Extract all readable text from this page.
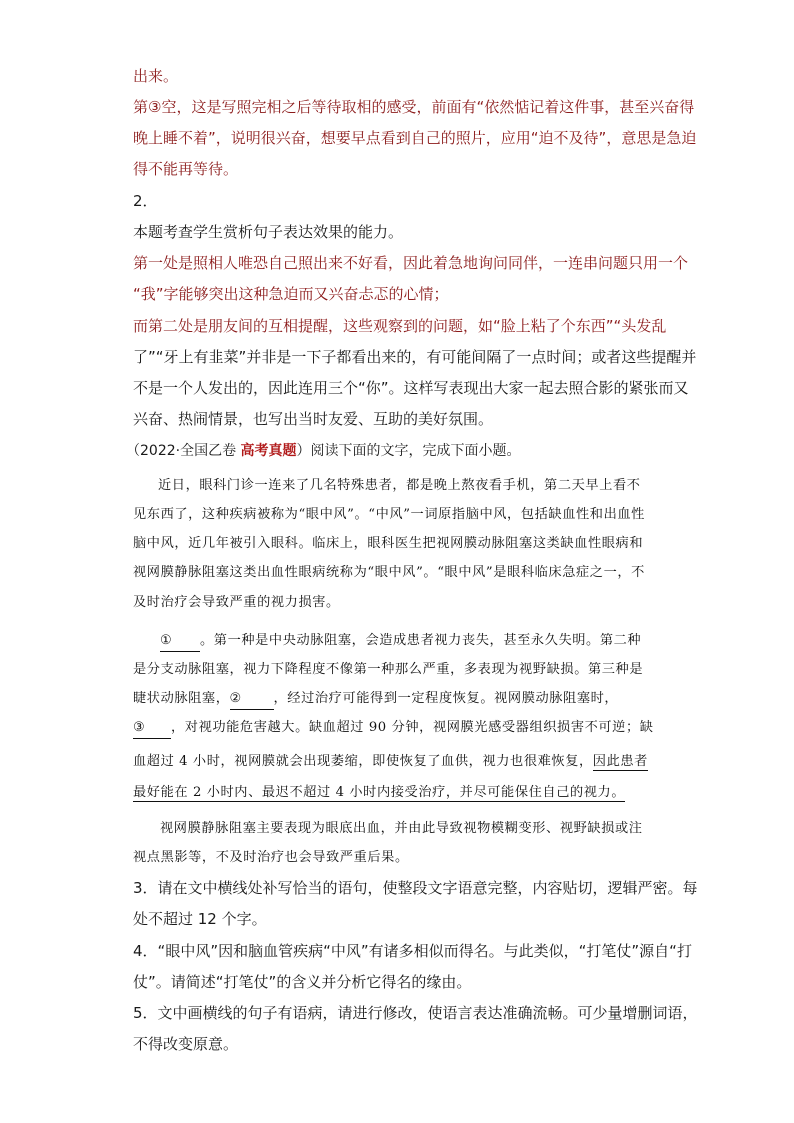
出来。
第③空，这是写照完相之后等待取相的感受，前面有“依然惦记着这件事，甚至兴奋得
晚上睡不着”，说明很兴奋，想要早点看到自己的照片，应用“迫不及待”，意思是急迫
得不能再等待。
2．
本题考查学生赏析句子表达效果的能力。
第一处是照相人唯恐自己照出来不好看，因此着急地询问同伴，一连串问题只用一个
“我”字能够突出这种急迫而又兴奋忐忑的心情；
而第二处是朋友间的互相提醒，这些观察到的问题，如“脸上粘了个东西”“头发乱
了”“牙上有韭菜”并非是一下子都看出来的，有可能间隔了一点时间；或者这些提醒并
不是一个人发出的，因此连用三个“你”。这样写表现出大家一起去照合影的紧张而又
兴奋、热闹情景，也写出当时友爱、互助的美好氛围。
（2022·全国乙卷 高考真题）阅读下面的文字，完成下面小题。
近日，眼科门诊一连来了几名特殊患者，都是晚上熬夜看手机，第二天早上看不
见东西了，这种疾病被称为“眼中风”。“中风”一词原指脑中风，包括缺血性和出血性
脑中风，近几年被引入眼科。临床上，眼科医生把视网膜动脉阻塞这类缺血性眼病和
视网膜静脉阻塞这类出血性眼病统称为“眼中风”。“眼中风”是眼科临床急症之一，不
及时治疗会导致严重的视力损害。
① 。第一种是中央动脉阻塞，会造成患者视力丧失，甚至永久失明。第二种
是分支动脉阻塞，视力下降程度不像第一种那么严重，多表现为视野缺损。第三种是
睫状动脉阻塞，② ，经过治疗可能得到一定程度恢复。视网膜动脉阻塞时，
③ ，对视功能危害越大。缺血超过 90 分钟，视网膜光感受器组织损害不可逆；缺
血超过 4 小时，视网膜就会出现萎缩，即使恢复了血供，视力也很难恢复，因此患者
最好能在 2 小时内、最迟不超过 4 小时内接受治疗，并尽可能保住自己的视力。
视网膜静脉阻塞主要表现为眼底出血，并由此导致视物模糊变形、视野缺损或注
视点黑影等，不及时治疗也会导致严重后果。
3．请在文中横线处补写恰当的语句，使整段文字语意完整，内容贴切，逻辑严密。每
处不超过 12 个字。
4．“眼中风”因和脑血管疾病“中风”有诸多相似而得名。与此类似，“打笔仗”源自“打
仗”。请简述“打笔仗”的含义并分析它得名的缘由。
5．文中画横线的句子有语病，请进行修改，使语言表达准确流畅。可少量增删词语，
不得改变原意。
